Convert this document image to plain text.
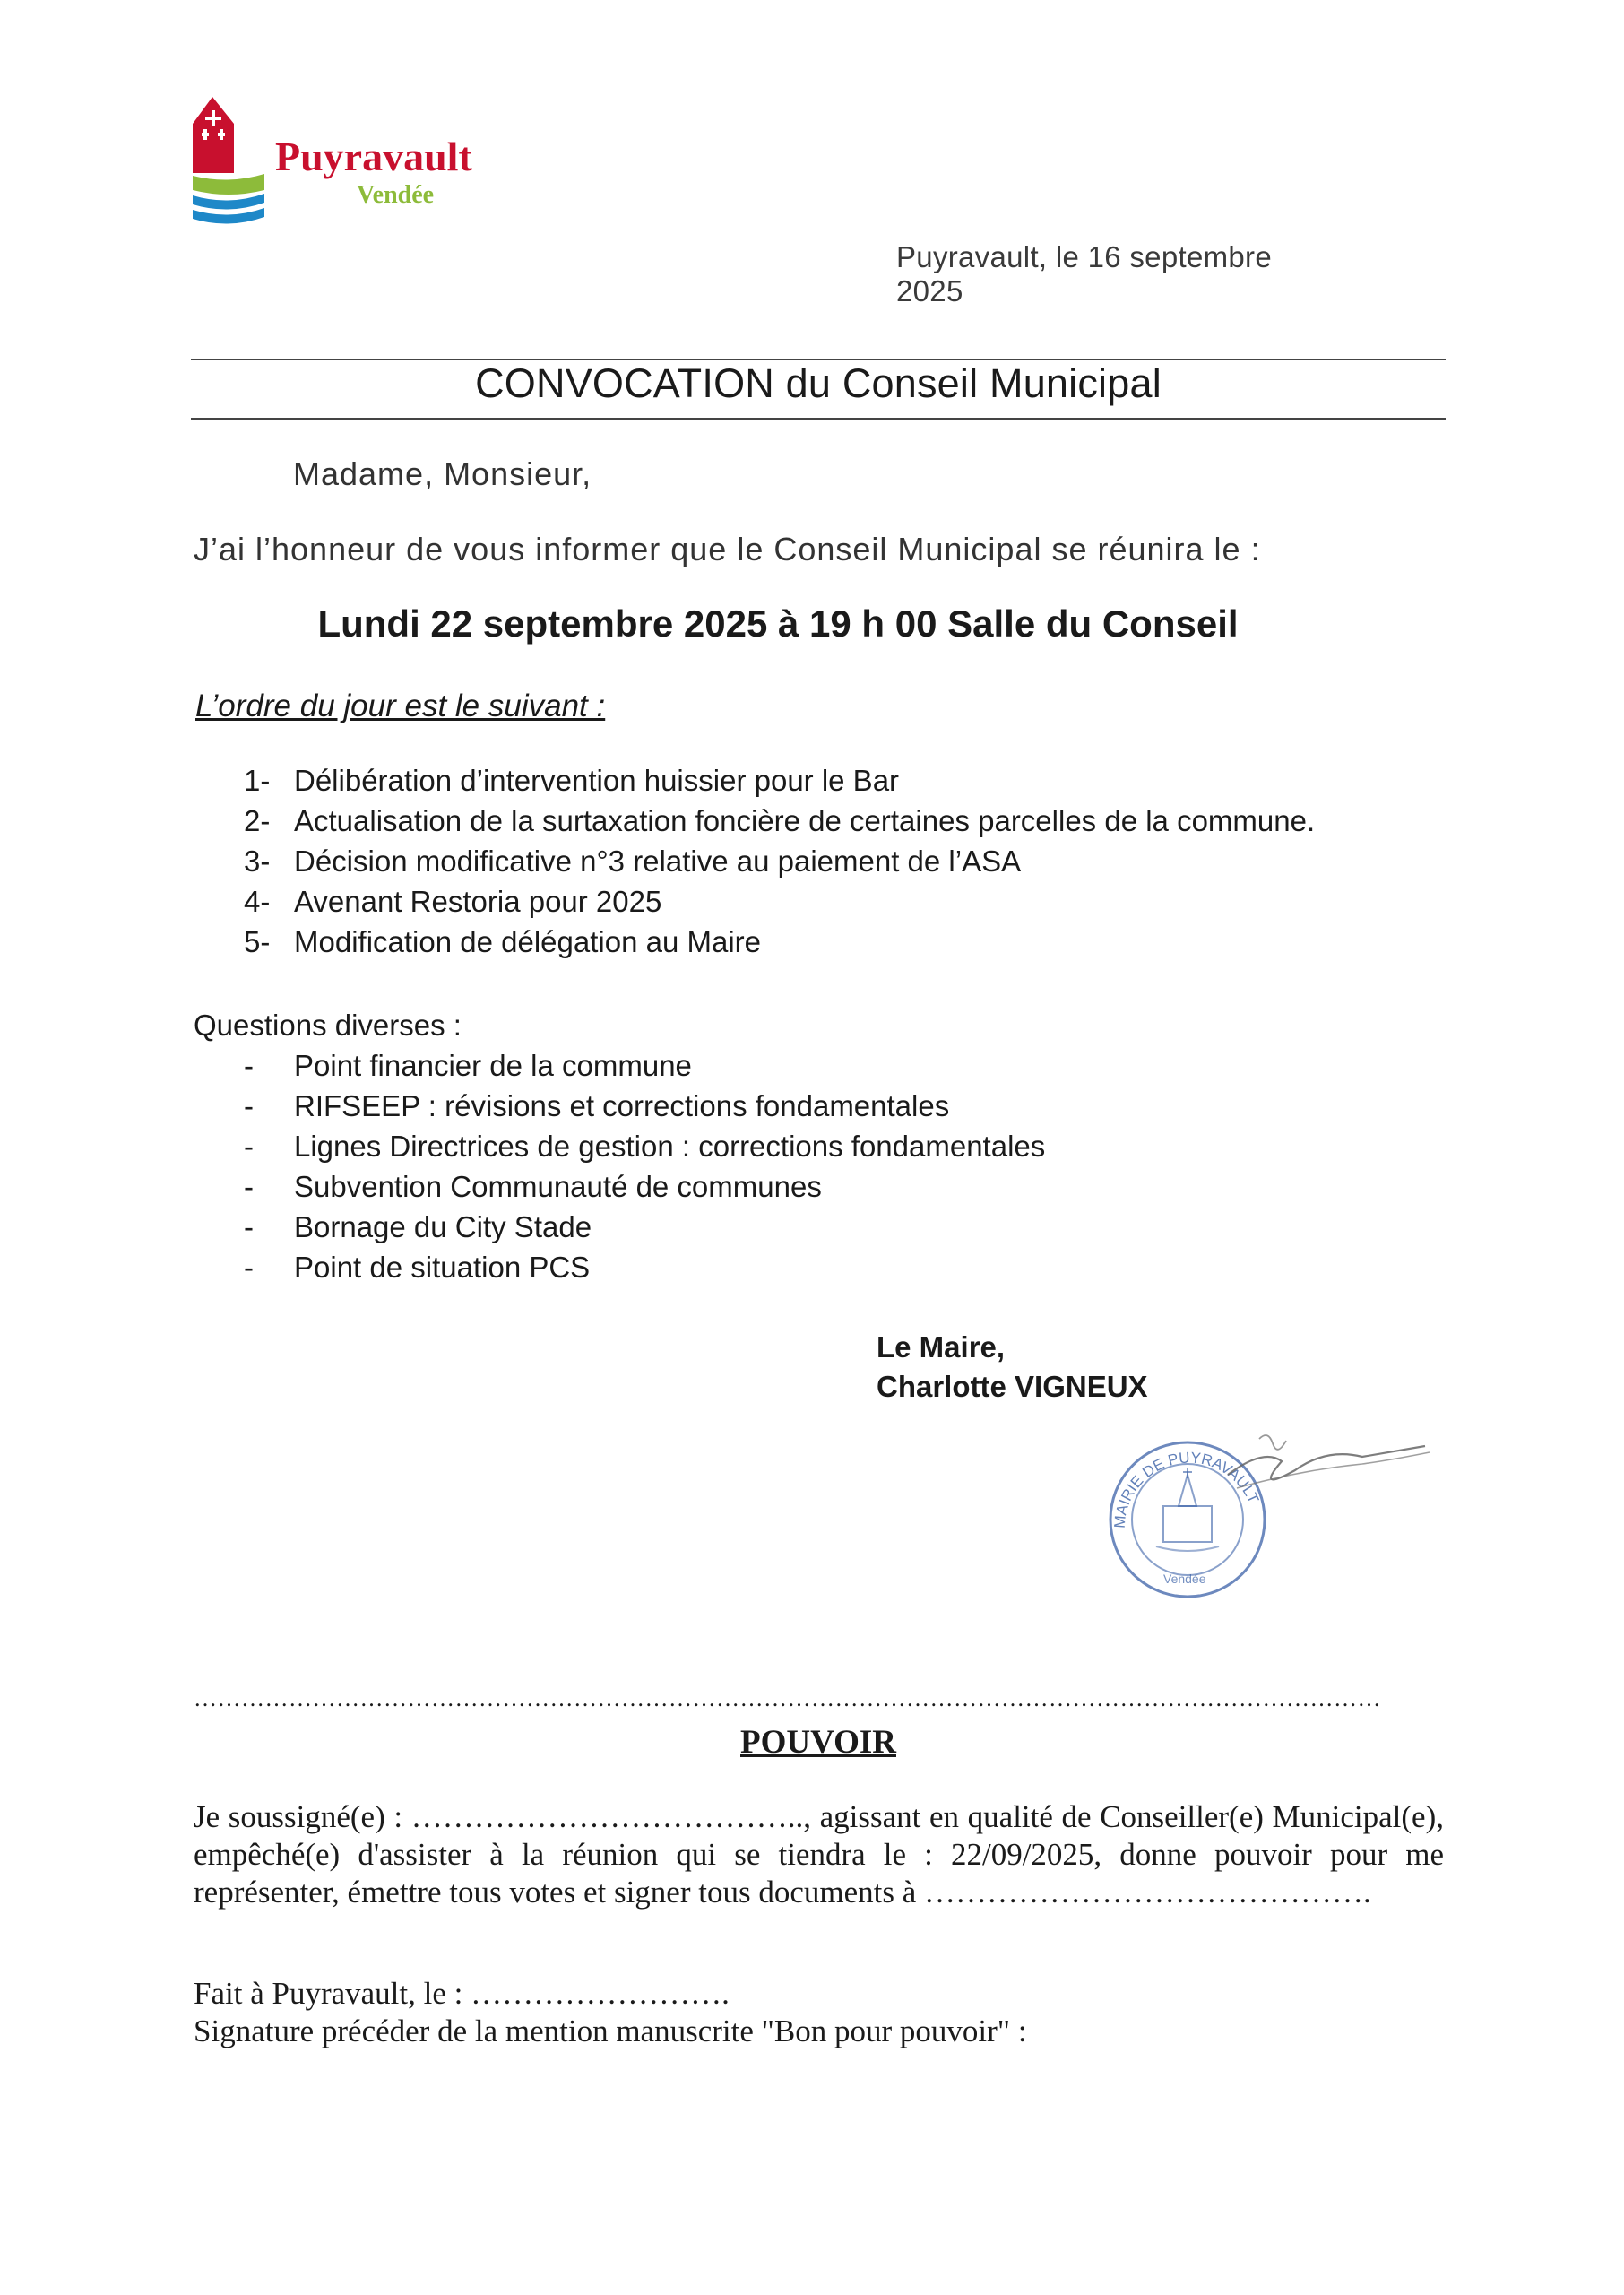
Puyravault
Vendée
Puyravault, le 16 septembre 2025
CONVOCATION du Conseil Municipal
Madame, Monsieur,
J’ai l’honneur de vous informer que le Conseil Municipal se réunira le :
Lundi 22 septembre 2025 à 19 h 00 Salle du Conseil
L’ordre du jour est le suivant :
1- Délibération d’intervention huissier pour le Bar
2- Actualisation de la surtaxation foncière de certaines parcelles de la commune.
3- Décision modificative n°3 relative au paiement de l’ASA
4- Avenant Restoria pour 2025
5- Modification de délégation au Maire
Questions diverses :
- Point financier de la commune
- RIFSEEP : révisions et corrections fondamentales
- Lignes Directrices de gestion : corrections fondamentales
- Subvention Communauté de communes
- Bornage du City Stade
- Point de situation PCS
Le Maire,
Charlotte VIGNEUX
MAIRIE DE PUYRAVAULT
Vendée
……………………………………………………………………………………………………………………………………
POUVOIR
Je soussigné(e) : ……………………………….., agissant en qualité de Conseiller(e) Municipal(e), empêché(e) d'assister à la réunion qui se tiendra le : 22/09/2025, donne pouvoir pour me représenter, émettre tous votes et signer tous documents à …………………………………….
Fait à Puyravault, le : …………………….
Signature précéder de la mention manuscrite "Bon pour pouvoir" :
